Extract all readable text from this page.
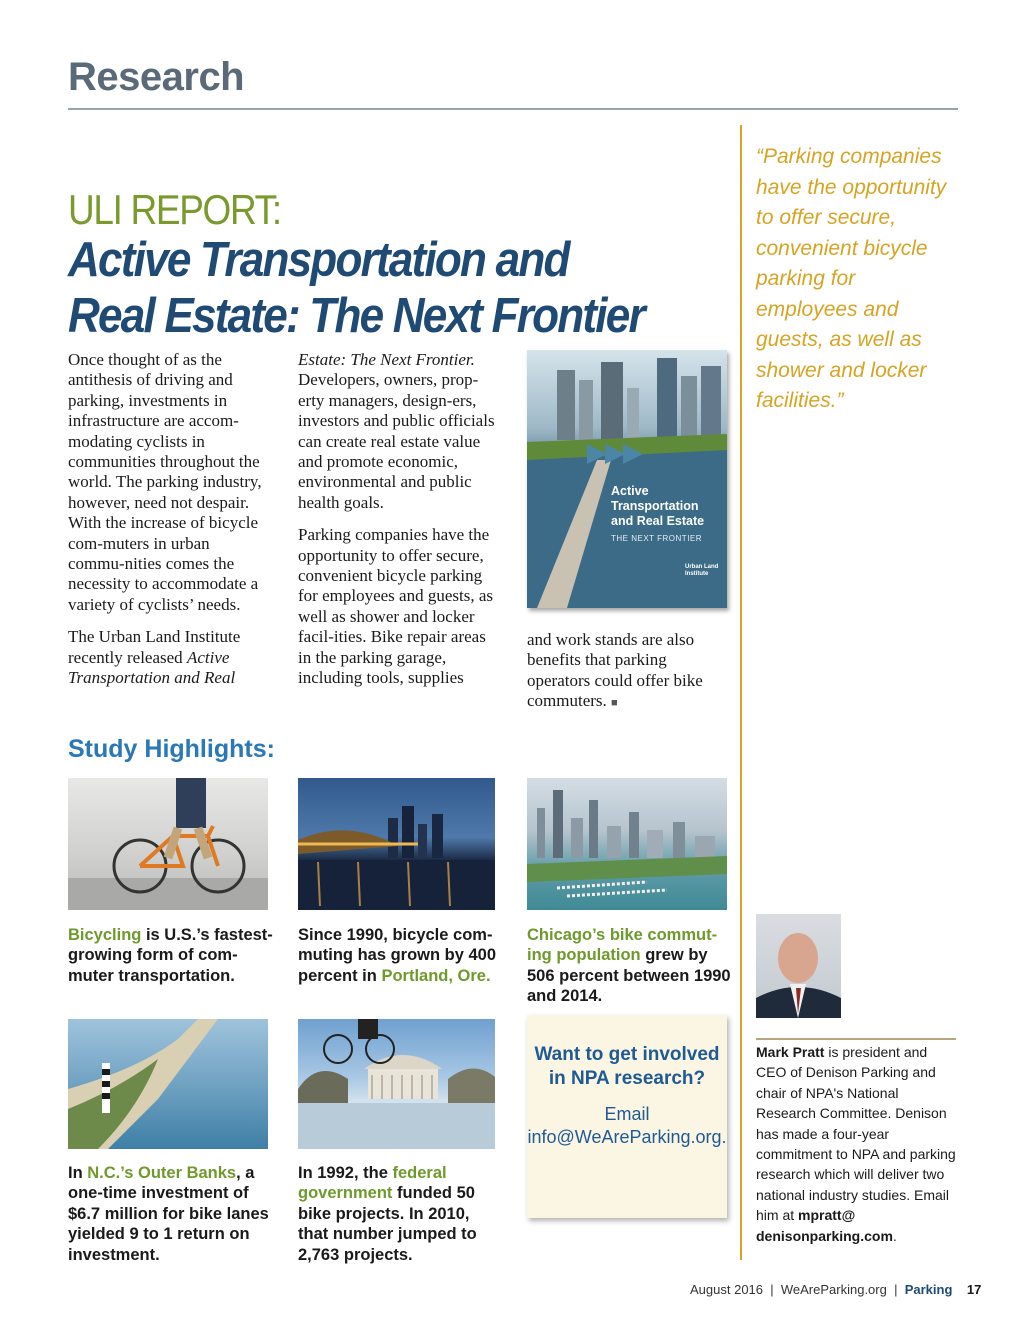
Research
ULI REPORT:
Active Transportation and
Real Estate: The Next Frontier

Once thought of as the antithesis of driving and parking, investments in infrastructure are accom-modating cyclists in communities throughout the world. The parking industry, however, need not despair. With the increase of bicycle com-muters in urban commu-nities comes the necessity to accommodate a variety of cyclists’ needs.

The Urban Land Institute recently released Active Transportation and Real

Estate: The Next Frontier. Developers, owners, prop-erty managers, design-ers, investors and public officials can create real estate value and promote economic, environmental and public health goals.

Parking companies have the opportunity to offer secure, convenient bicycle parking for employees and guests, as well as shower and locker facil-ities. Bike repair areas in the parking garage, including tools, supplies

and work stands are also benefits that parking operators could offer bike commuters. ■

Active Transportation and Real Estate
THE NEXT FRONTIER
Urban Land Institute
“Parking companies have the opportunity to offer secure, convenient bicycle parking for employees and guests, as well as shower and locker facilities.”
Study Highlights:
Bicycling is U.S.’s fastest-growing form of com-muter transportation.
Since 1990, bicycle com-muting has grown by 400 percent in Portland, Ore.
Chicago’s bike commut-ing population grew by 506 percent between 1990 and 2014.
In N.C.’s Outer Banks, a one-time investment of $6.7 million for bike lanes yielded 9 to 1 return on investment.
In 1992, the federal government funded 50 bike projects. In 2010, that number jumped to 2,763 projects.
Want to get involved in NPA research?
Email
info@WeAreParking.org.
Mark Pratt is president and CEO of Denison Parking and chair of NPA's National Research Committee. Denison has made a four-year commitment to NPA and parking research which will deliver two national industry studies. Email him at mpratt@ denisonparking.com.
August 2016 | WeAreParking.org | Parking 17
